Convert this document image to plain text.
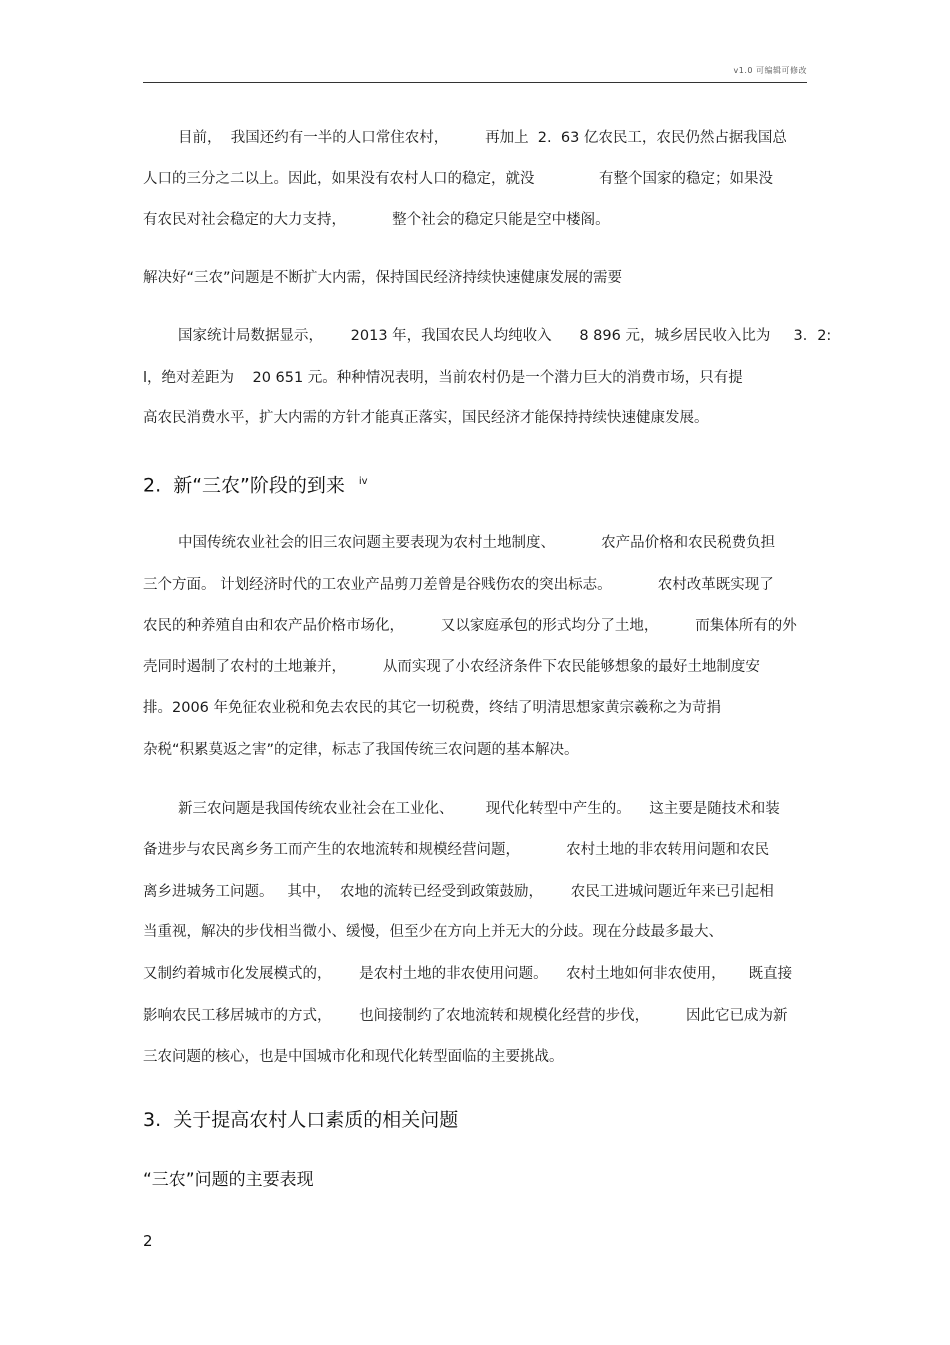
v1.0 可编辑可修改
目前，  我国还约有一半的人口常住农村，        再加上  2.  63 亿农民工，农民仍然占据我国总
人口的三分之二以上。因此，如果没有农村人口的稳定，就没              有整个国家的稳定；如果没
有农民对社会稳定的大力支持，          整个社会的稳定只能是空中楼阁。
解决好“三农”问题是不断扩大内需，保持国民经济持续快速健康发展的需要
国家统计局数据显示，      2013 年，我国农民人均纯收入      8 896 元，城乡居民收入比为     3．2:
l，绝对差距为    20 651 元。种种情况表明，当前农村仍是一个潜力巨大的消费市场，只有提
高农民消费水平，扩大内需的方针才能真正落实，国民经济才能保持持续快速健康发展。
2.  新“三农”阶段的到来 $^{iv}$
中国传统农业社会的旧三农问题主要表现为农村土地制度、          农产品价格和农民税费负担
三个方面。 计划经济时代的工农业产品剪刀差曾是谷贱伤农的突出标志。          农村改革既实现了
农民的种养殖自由和农产品价格市场化，        又以家庭承包的形式均分了土地，        而集体所有的外
壳同时遏制了农村的土地兼并，        从而实现了小农经济条件下农民能够想象的最好土地制度安
排。2006 年免征农业税和免去农民的其它一切税费，终结了明清思想家黄宗羲称之为苛捐
杂税“积累莫返之害”的定律，标志了我国传统三农问题的基本解决。
新三农问题是我国传统农业社会在工业化、       现代化转型中产生的。    这主要是随技术和装
备进步与农民离乡务工而产生的农地流转和规模经营问题，          农村土地的非农转用问题和农民
离乡进城务工问题。   其中，  农地的流转已经受到政策鼓励，      农民工进城问题近年来已引起相
当重视，解决的步伐相当微小、缓慢，但至少在方向上并无大的分歧。现在分歧最多最大、
又制约着城市化发展模式的，      是农村土地的非农使用问题。    农村土地如何非农使用，     既直接
影响农民工移居城市的方式，      也间接制约了农地流转和规模化经营的步伐，        因此它已成为新
三农问题的核心，也是中国城市化和现代化转型面临的主要挑战。
3.  关于提高农村人口素质的相关问题
“三农”问题的主要表现
2
